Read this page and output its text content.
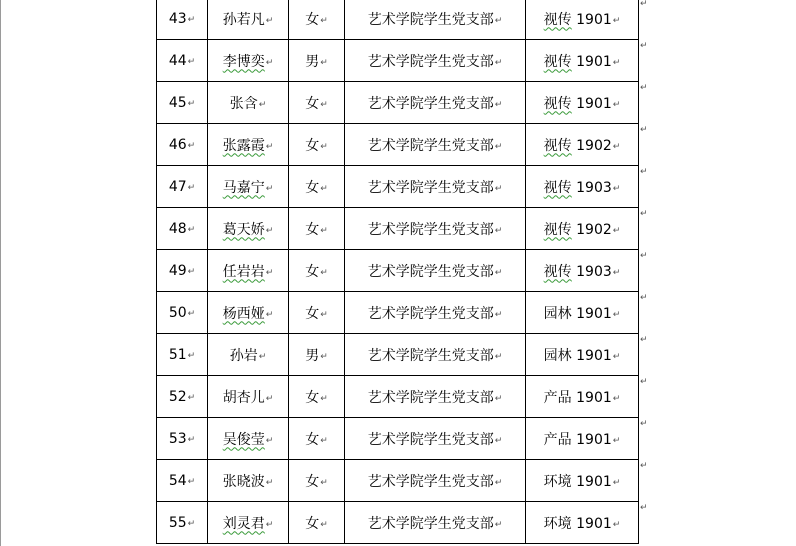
43↵	孙若凡↵	女↵	艺术学院学生党支部↵	视传 1901↵
44↵	李博奕↵	男↵	艺术学院学生党支部↵	视传 1901↵
45↵	张含↵	女↵	艺术学院学生党支部↵	视传 1901↵
46↵	张露霞↵	女↵	艺术学院学生党支部↵	视传 1902↵
47↵	马嘉宁↵	女↵	艺术学院学生党支部↵	视传 1903↵
48↵	葛天娇↵	女↵	艺术学院学生党支部↵	视传 1902↵
49↵	任岩岩↵	女↵	艺术学院学生党支部↵	视传 1903↵
50↵	杨西娅↵	女↵	艺术学院学生党支部↵	园林 1901↵
51↵	孙岩↵	男↵	艺术学院学生党支部↵	园林 1901↵
52↵	胡杏儿↵	女↵	艺术学院学生党支部↵	产品 1901↵
53↵	吴俊莹↵	女↵	艺术学院学生党支部↵	产品 1901↵
54↵	张晓波↵	女↵	艺术学院学生党支部↵	环境 1901↵
55↵	刘灵君↵	女↵	艺术学院学生党支部↵	环境 1901↵
↵
↵
↵
↵
↵
↵
↵
↵
↵
↵
↵
↵
↵
